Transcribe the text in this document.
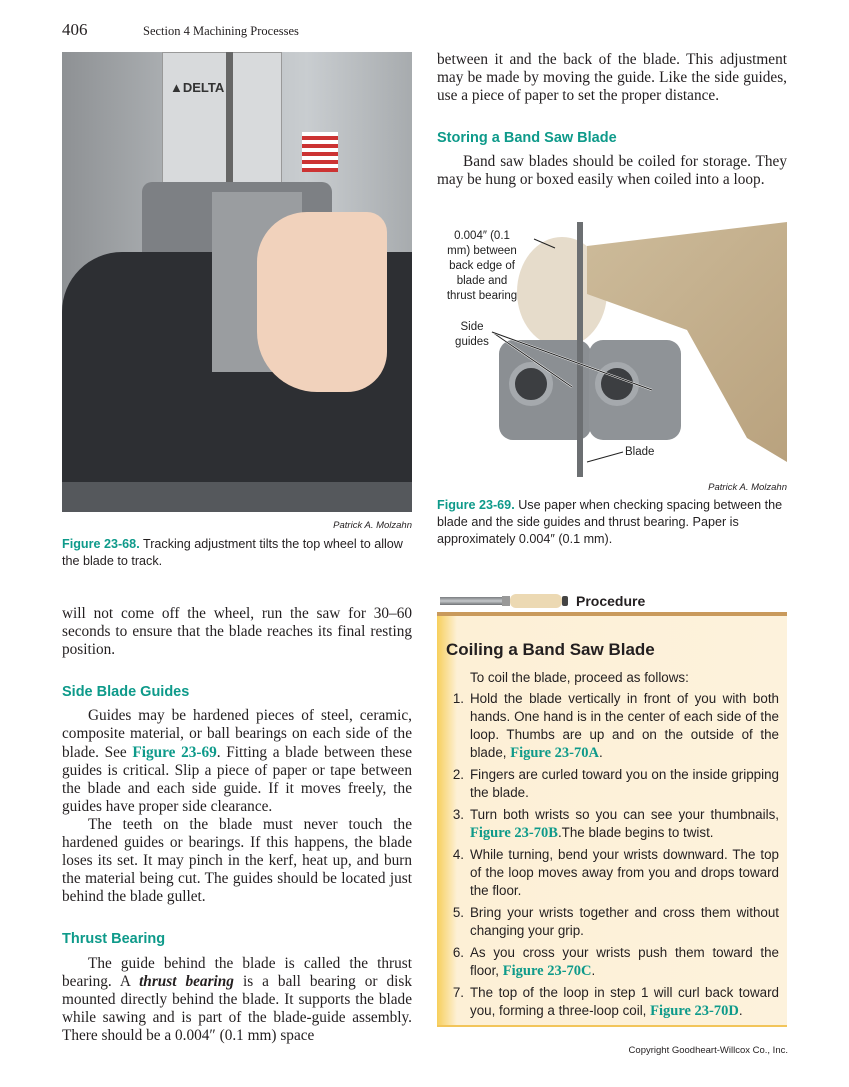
406	Section 4 Machining Processes
▲DELTA
Patrick A. Molzahn
Figure 23-68. Tracking adjustment tilts the top wheel to allow the blade to track.

will not come off the wheel, run the saw for 30–60 seconds to ensure that the blade reaches its final resting position.

Side Blade Guides

Guides may be hardened pieces of steel, ceramic, composite material, or ball bearings on each side of the blade. See Figure 23-69. Fitting a blade between these guides is critical. Slip a piece of paper or tape between the blade and each side guide. If it moves freely, the guides have proper side clearance.

The teeth on the blade must never touch the hardened guides or bearings. If this happens, the blade loses its set. It may pinch in the kerf, heat up, and burn the material being cut. The guides should be located just behind the blade gullet.

Thrust Bearing

The guide behind the blade is called the thrust bearing. A thrust bearing is a ball bearing or disk mounted directly behind the blade. It supports the blade while sawing and is part of the blade-guide assembly. There should be a 0.004″ (0.1 mm) space

between it and the back of the blade. This adjustment may be made by moving the guide. Like the side guides, use a piece of paper to set the proper distance.

Storing a Band Saw Blade

Band saw blades should be coiled for storage. They may be hung or boxed easily when coiled into a loop.

0.004″ (0.1 mm) between back edge of blade and thrust bearing
Side guides
Blade
Patrick A. Molzahn
Figure 23-69. Use paper when checking spacing between the blade and the side guides and thrust bearing. Paper is approximately 0.004″ (0.1 mm).
Procedure
Coiling a Band Saw Blade
To coil the blade, proceed as follows:
1. Hold the blade vertically in front of you with both hands. One hand is in the center of each side of the loop. Thumbs are up and on the outside of the blade, Figure 23-70A.
2. Fingers are curled toward you on the inside gripping the blade.
3. Turn both wrists so you can see your thumbnails, Figure 23-70B.The blade begins to twist.
4. While turning, bend your wrists downward. The top of the loop moves away from you and drops toward the floor.
5. Bring your wrists together and cross them without changing your grip.
6. As you cross your wrists push them toward the floor, Figure 23-70C.
7. The top of the loop in step 1 will curl back toward you, forming a three-loop coil, Figure 23-70D.
Copyright Goodheart-Willcox Co., Inc.
